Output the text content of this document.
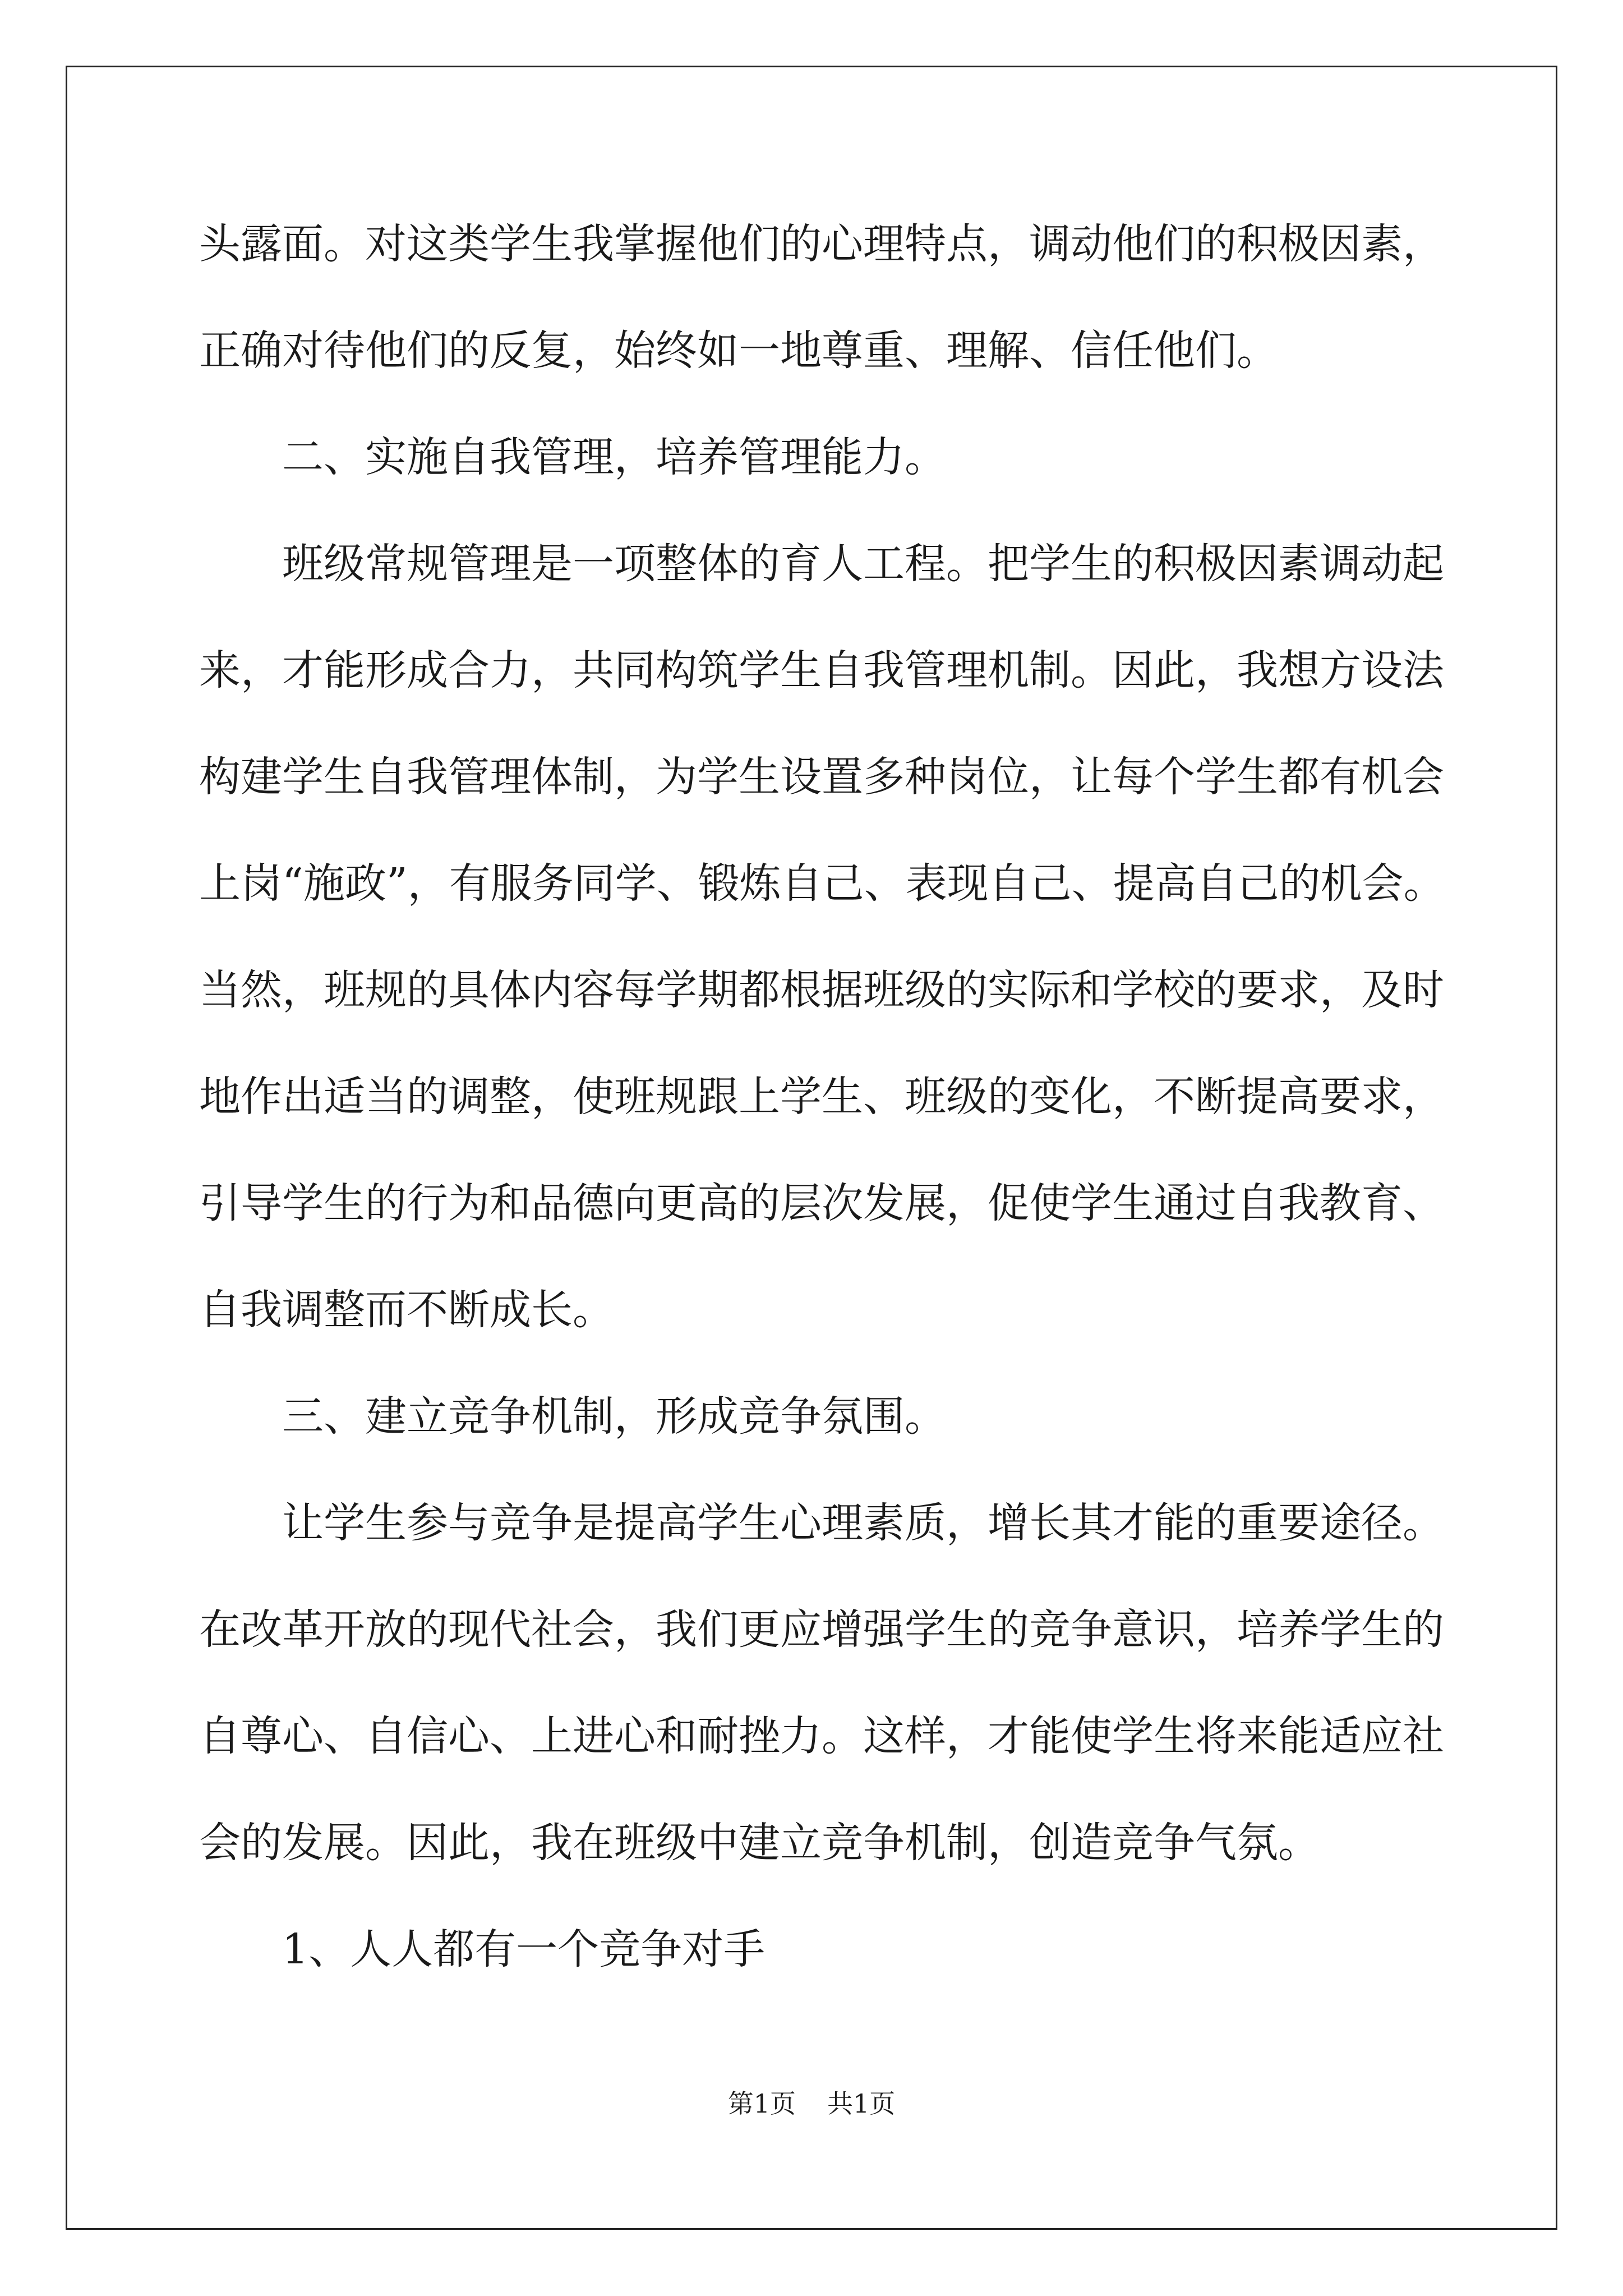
头露面。对这类学生我掌握他们的心理特点，调动他们的积极因素，
正确对待他们的反复，始终如一地尊重、理解、信任他们。
二、实施自我管理，培养管理能力。
班级常规管理是一项整体的育人工程。把学生的积极因素调动起
来，才能形成合力，共同构筑学生自我管理机制。因此，我想方设法
构建学生自我管理体制，为学生设置多种岗位，让每个学生都有机会
上岗“施政”，有服务同学、锻炼自己、表现自己、提高自己的机会。
当然，班规的具体内容每学期都根据班级的实际和学校的要求，及时
地作出适当的调整，使班规跟上学生、班级的变化，不断提高要求，
引导学生的行为和品德向更高的层次发展，促使学生通过自我教育、
自我调整而不断成长。
三、建立竞争机制，形成竞争氛围。
让学生参与竞争是提高学生心理素质，增长其才能的重要途径。
在改革开放的现代社会，我们更应增强学生的竞争意识，培养学生的
自尊心、自信心、上进心和耐挫力。这样，才能使学生将来能适应社
会的发展。因此，我在班级中建立竞争机制，创造竞争气氛。
1、人人都有一个竞争对手
第1页 共1页
